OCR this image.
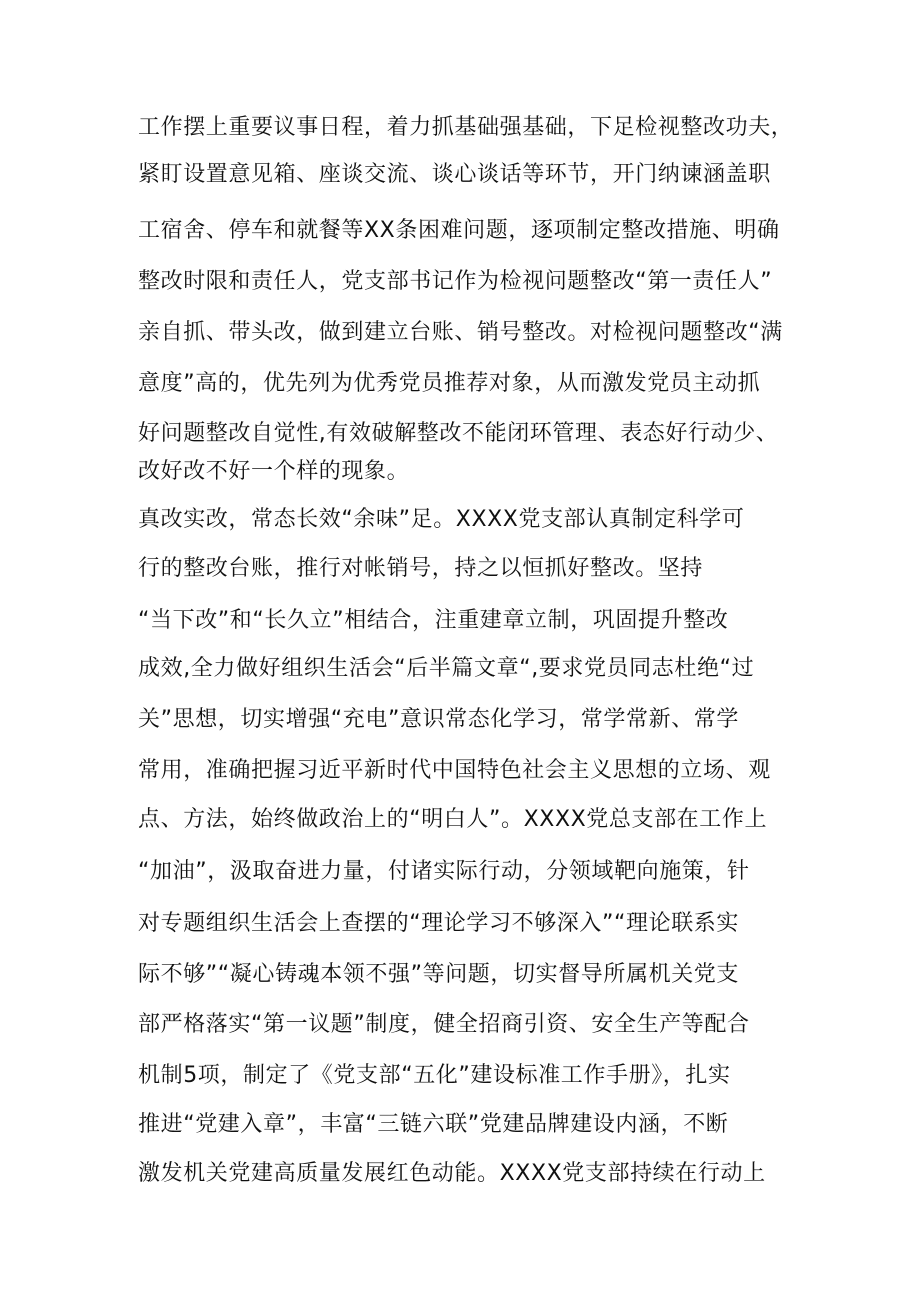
工作摆上重要议事日程，着力抓基础强基础，下足检视整改功夫，
紧盯设置意见箱、座谈交流、谈心谈话等环节，开门纳谏涵盖职
工宿舍、停车和就餐等XX条困难问题，逐项制定整改措施、明确
整改时限和责任人，党支部书记作为检视问题整改“第一责任人”
亲自抓、带头改，做到建立台账、销号整改。对检视问题整改“满
意度”高的，优先列为优秀党员推荐对象，从而激发党员主动抓
好问题整改自觉性,有效破解整改不能闭环管理、表态好行动少、
改好改不好一个样的现象。
真改实改，常态长效“余味”足。XXXX党支部认真制定科学可
行的整改台账，推行对帐销号，持之以恒抓好整改。坚持
“当下改”和“长久立”相结合，注重建章立制，巩固提升整改
成效,全力做好组织生活会“后半篇文章“,要求党员同志杜绝“过
关”思想，切实增强“充电”意识常态化学习，常学常新、常学
常用，准确把握习近平新时代中国特色社会主义思想的立场、观
点、方法，始终做政治上的“明白人”。XXXX党总支部在工作上
“加油”，汲取奋进力量，付诸实际行动，分领域靶向施策，针
对专题组织生活会上查摆的“理论学习不够深入”“理论联系实
际不够”“凝心铸魂本领不强”等问题，切实督导所属机关党支
部严格落实“第一议题”制度，健全招商引资、安全生产等配合
机制5项，制定了《党支部“五化”建设标准工作手册》，扎实
推进“党建入章”，丰富“三链六联”党建品牌建设内涵，不断
激发机关党建高质量发展红色动能。XXXX党支部持续在行动上
